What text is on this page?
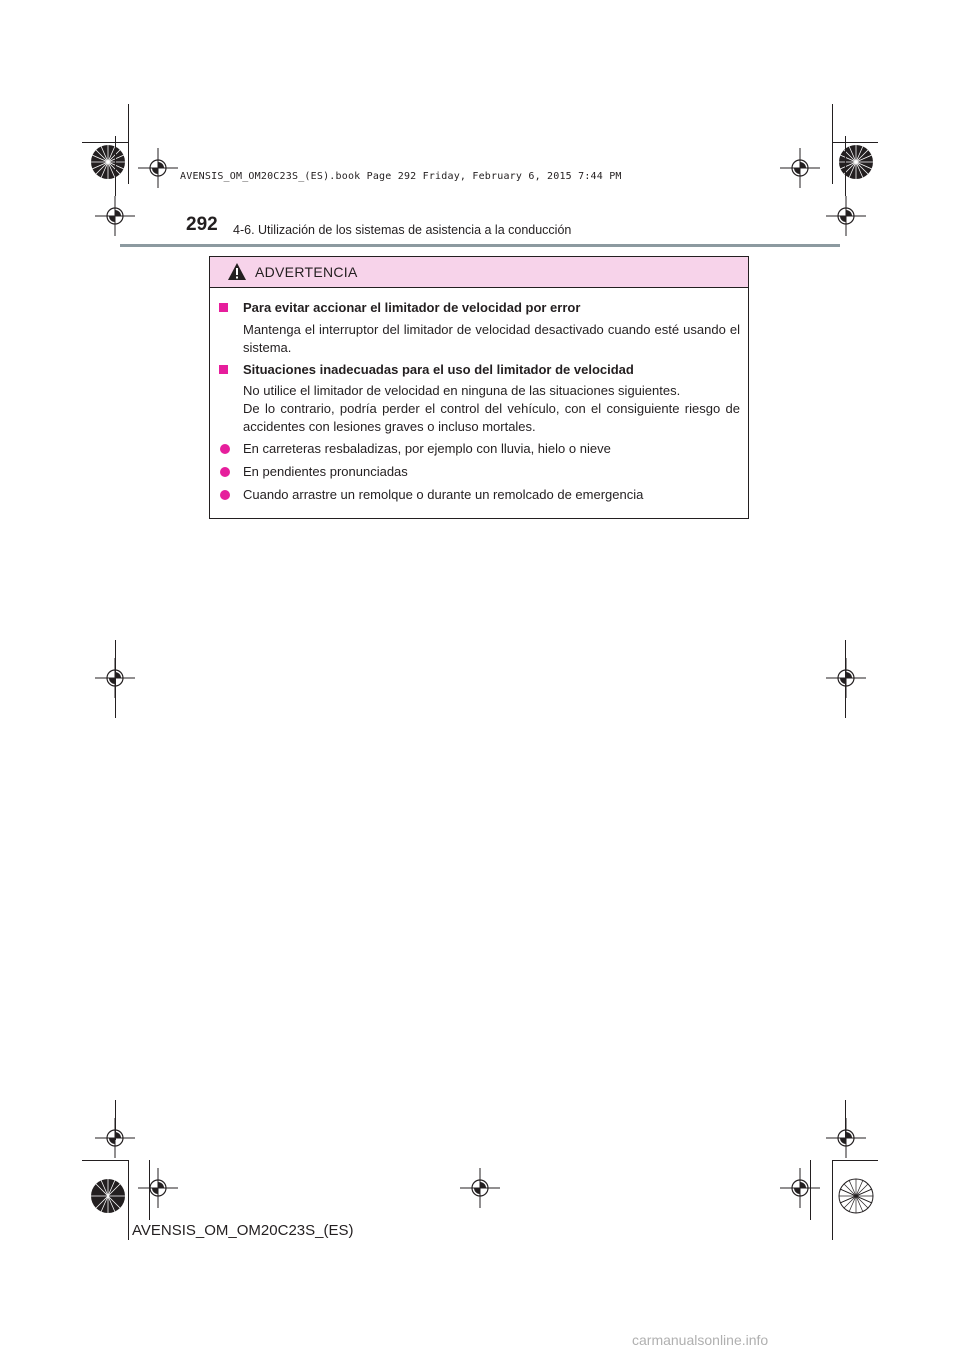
AVENSIS_OM_OM20C23S_(ES).book Page 292 Friday, February 6, 2015 7:44 PM
292 4-6. Utilización de los sistemas de asistencia a la conducción
ADVERTENCIA
Para evitar accionar el limitador de velocidad por error
Mantenga el interruptor del limitador de velocidad desactivado cuando esté usando el sistema.
Situaciones inadecuadas para el uso del limitador de velocidad
No utilice el limitador de velocidad en ninguna de las situaciones siguientes.
De lo contrario, podría perder el control del vehículo, con el consiguiente riesgo de accidentes con lesiones graves o incluso mortales.
En carreteras resbaladizas, por ejemplo con lluvia, hielo o nieve
En pendientes pronunciadas
Cuando arrastre un remolque o durante un remolcado de emergencia
AVENSIS_OM_OM20C23S_(ES)
carmanualsonline.info
